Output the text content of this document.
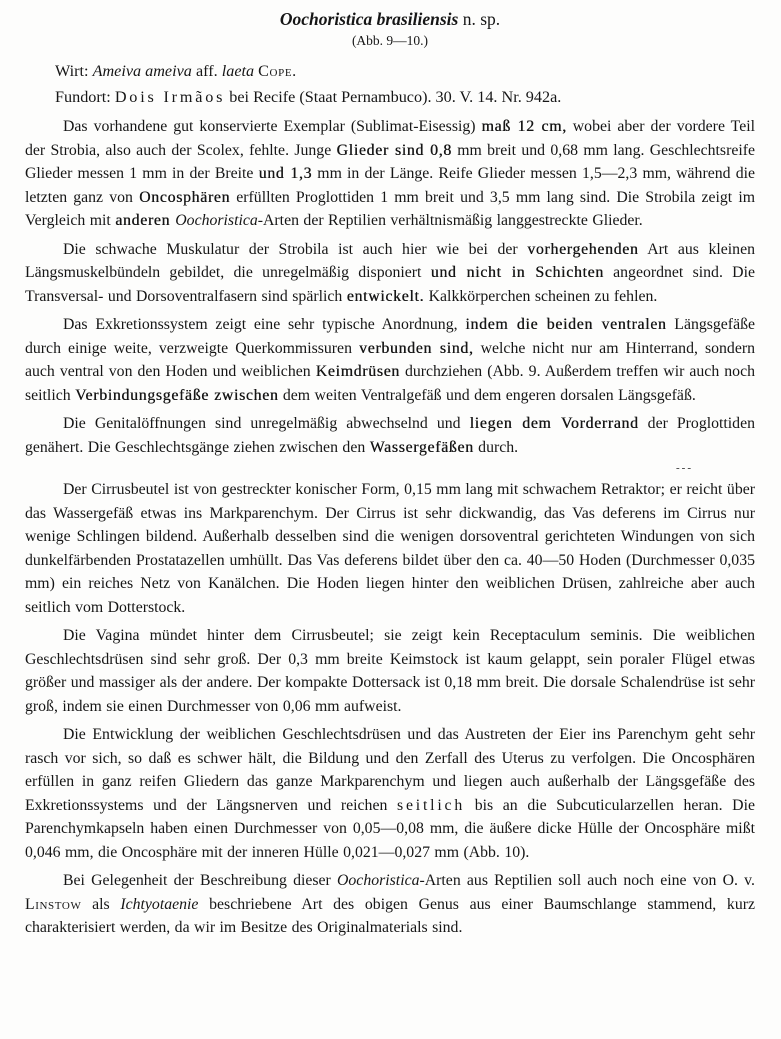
Oochoristica brasiliensis n. sp.
(Abb. 9—10.)
Wirt: Ameiva ameiva aff. laeta Cope.
Fundort: Dois Irmãos bei Recife (Staat Pernambuco). 30. V. 14. Nr. 942a.

Das vorhandene gut konservierte Exemplar (Sublimat-Eisessig) maß 12 cm, wobei aber der vordere Teil der Strobia, also auch der Scolex, fehlte. Junge Glieder sind 0,8 mm breit und 0,68 mm lang. Geschlechtsreife Glieder messen 1 mm in der Breite und 1,3 mm in der Länge. Reife Glieder messen 1,5—2,3 mm, während die letzten ganz von Oncosphären erfüllten Proglottiden 1 mm breit und 3,5 mm lang sind. Die Strobila zeigt im Vergleich mit anderen Oochoristica-Arten der Reptilien verhältnismäßig langgestreckte Glieder.

Die schwache Muskulatur der Strobila ist auch hier wie bei der vorhergehenden Art aus kleinen Längsmuskelbündeln gebildet, die unregelmäßig disponiert und nicht in Schichten angeordnet sind. Die Transversal- und Dorsoventralfasern sind spärlich entwickelt. Kalkkörperchen scheinen zu fehlen.

Das Exkretionssystem zeigt eine sehr typische Anordnung, indem die beiden ventralen Längsgefäße durch einige weite, verzweigte Querkommissuren verbunden sind, welche nicht nur am Hinterrand, sondern auch ventral von den Hoden und weiblichen Keimdrüsen durchziehen (Abb. 9. Außerdem treffen wir auch noch seitlich Verbindungsgefäße zwischen dem weiten Ventralgefäß und dem engeren dorsalen Längsgefäß.

Die Genitalöffnungen sind unregelmäßig abwechselnd und liegen dem Vorderrand der Proglottiden genähert. Die Geschlechtsgänge ziehen zwischen den Wassergefäßen durch.

---

Der Cirrusbeutel ist von gestreckter konischer Form, 0,15 mm lang mit schwachem Retraktor; er reicht über das Wassergefäß etwas ins Markparenchym. Der Cirrus ist sehr dickwandig, das Vas deferens im Cirrus nur wenige Schlingen bildend. Außerhalb desselben sind die wenigen dorsoventral gerichteten Windungen von sich dunkelfärbenden Prostatazellen umhüllt. Das Vas deferens bildet über den ca. 40—50 Hoden (Durchmesser 0,035 mm) ein reiches Netz von Kanälchen. Die Hoden liegen hinter den weiblichen Drüsen, zahlreiche aber auch seitlich vom Dotterstock.

Die Vagina mündet hinter dem Cirrusbeutel; sie zeigt kein Receptaculum seminis. Die weiblichen Geschlechtsdrüsen sind sehr groß. Der 0,3 mm breite Keimstock ist kaum gelappt, sein poraler Flügel etwas größer und massiger als der andere. Der kompakte Dottersack ist 0,18 mm breit. Die dorsale Schalendrüse ist sehr groß, indem sie einen Durchmesser von 0,06 mm aufweist.

Die Entwicklung der weiblichen Geschlechtsdrüsen und das Austreten der Eier ins Parenchym geht sehr rasch vor sich, so daß es schwer hält, die Bildung und den Zerfall des Uterus zu verfolgen. Die Oncosphären erfüllen in ganz reifen Gliedern das ganze Markparenchym und liegen auch außerhalb der Längsgefäße des Exkretionssystems und der Längsnerven und reichen seitlich bis an die Subcuticularzellen heran. Die Parenchymkapseln haben einen Durchmesser von 0,05—0,08 mm, die äußere dicke Hülle der Oncosphäre mißt 0,046 mm, die Oncosphäre mit der inneren Hülle 0,021—0,027 mm (Abb. 10).

Bei Gelegenheit der Beschreibung dieser Oochoristica-Arten aus Reptilien soll auch noch eine von O. v. Linstow als Ichtyotaenie beschriebene Art des obigen Genus aus einer Baumschlange stammend, kurz charakterisiert werden, da wir im Besitze des Originalmaterials sind.
